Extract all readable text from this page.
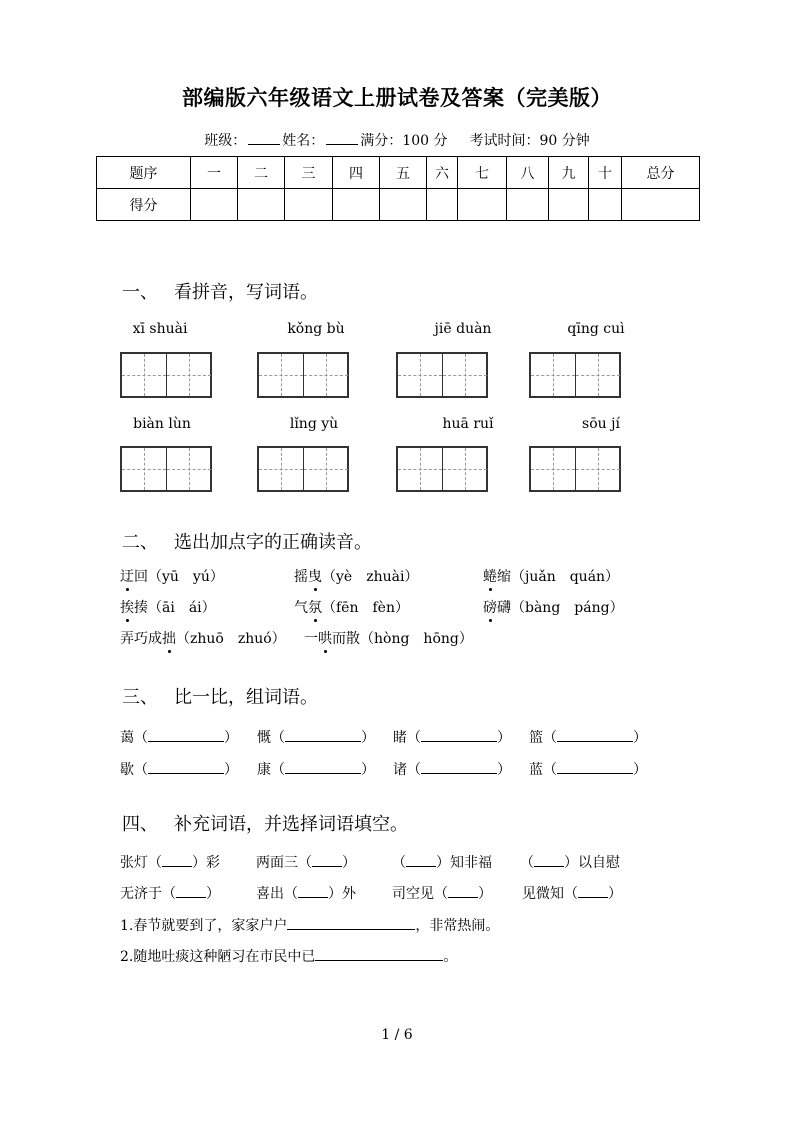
部编版六年级语文上册试卷及答案（完美版）
班级：	姓名：	满分：100 分 考试时间：90 分钟
题序	一	二	三	四	五	六	七	八	九	十	总分
得分											
一、 看拼音，写词语。
xī shuài	kǒng bù	jiē duàn	qīng cuì
biàn lùn	lǐng yù	huā ruǐ	sōu jí
二、 选出加点字的正确读音。
迂回（yū　yú）	摇曳（yè　zhuài）	蜷缩（juǎn　quán）
挨揍（āi　ái）	气氛（fēn　fèn）	磅礴（bàng　páng）
弄巧成拙（zhuō　zhuó） 一哄而散（hòng　hōng）
三、 比一比，组词语。
蔼（	） 慨（	） 睹（	） 篮（	）
歇（	） 康（	） 诸（	） 蓝（	）
四、 补充词语，并选择词语填空。
张灯（ ）彩	两面三（ ）	（ ）知非福 （ ）以自慰
无济于（ ）	喜出（ ）外	司空见（ ） 见微知（ ）
1.春节就要到了，家家户户	，非常热闹。
2.随地吐痰这种陋习在市民中已	。
1 / 6
